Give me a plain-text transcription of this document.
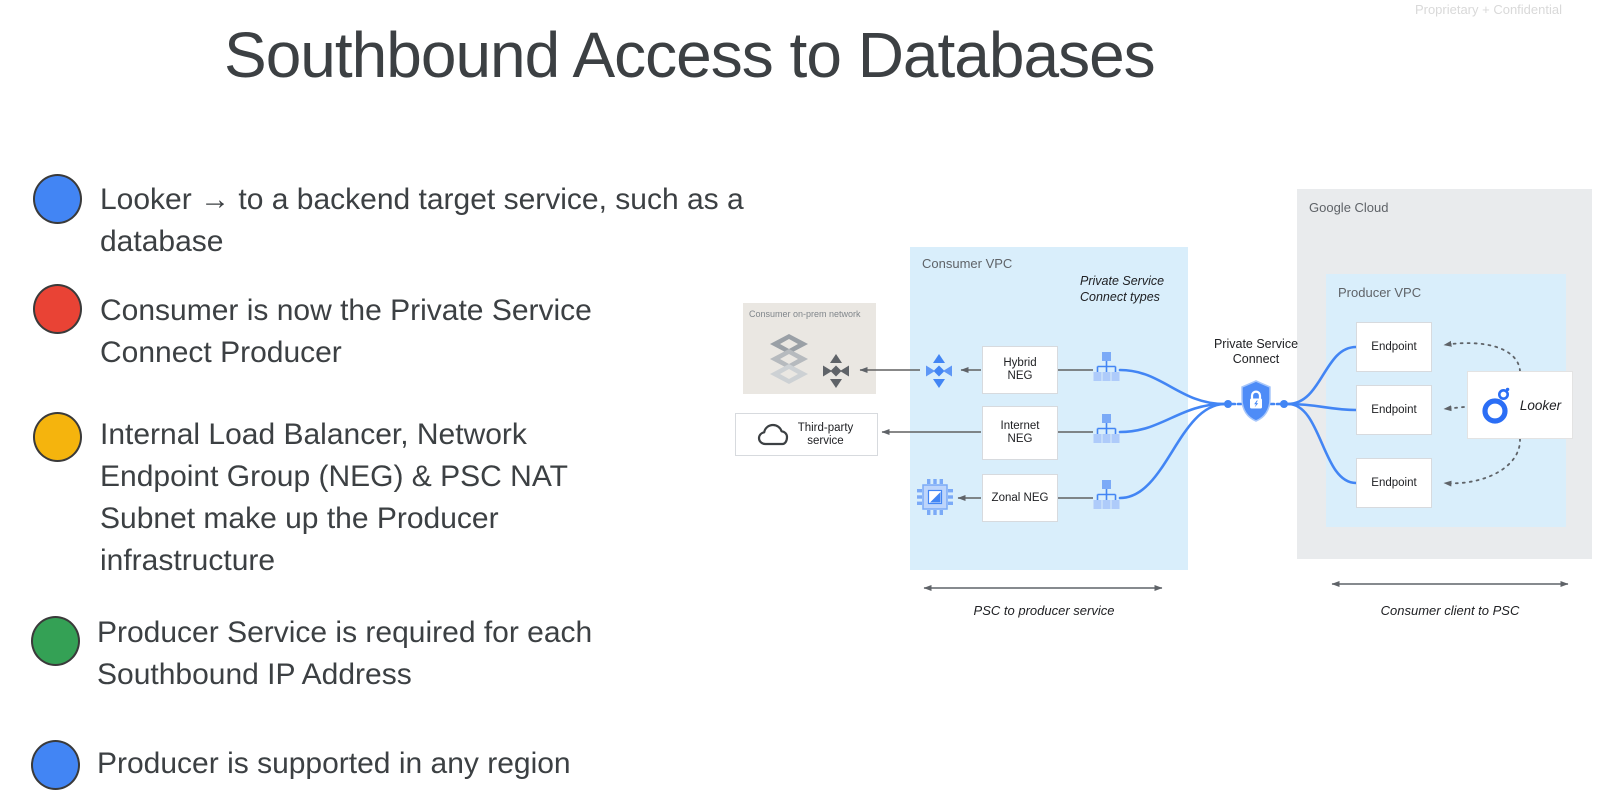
Proprietary + Confidential
Southbound Access to Databases
Looker → to a backend target service, such as a database
Consumer is now the Private Service Connect Producer
Internal Load Balancer, Network Endpoint Group (NEG) & PSC NAT Subnet make up the Producer infrastructure
Producer Service is required for each Southbound IP Address
Producer is supported in any region
Consumer on-prem network
Third-party service
Consumer VPC
Private Service Connect types
Hybrid NEG
Internet NEG
Zonal NEG
Private Service Connect
Google Cloud
Producer VPC
Endpoint
Endpoint
Endpoint
Looker
PSC to producer service	Consumer client to PSC
